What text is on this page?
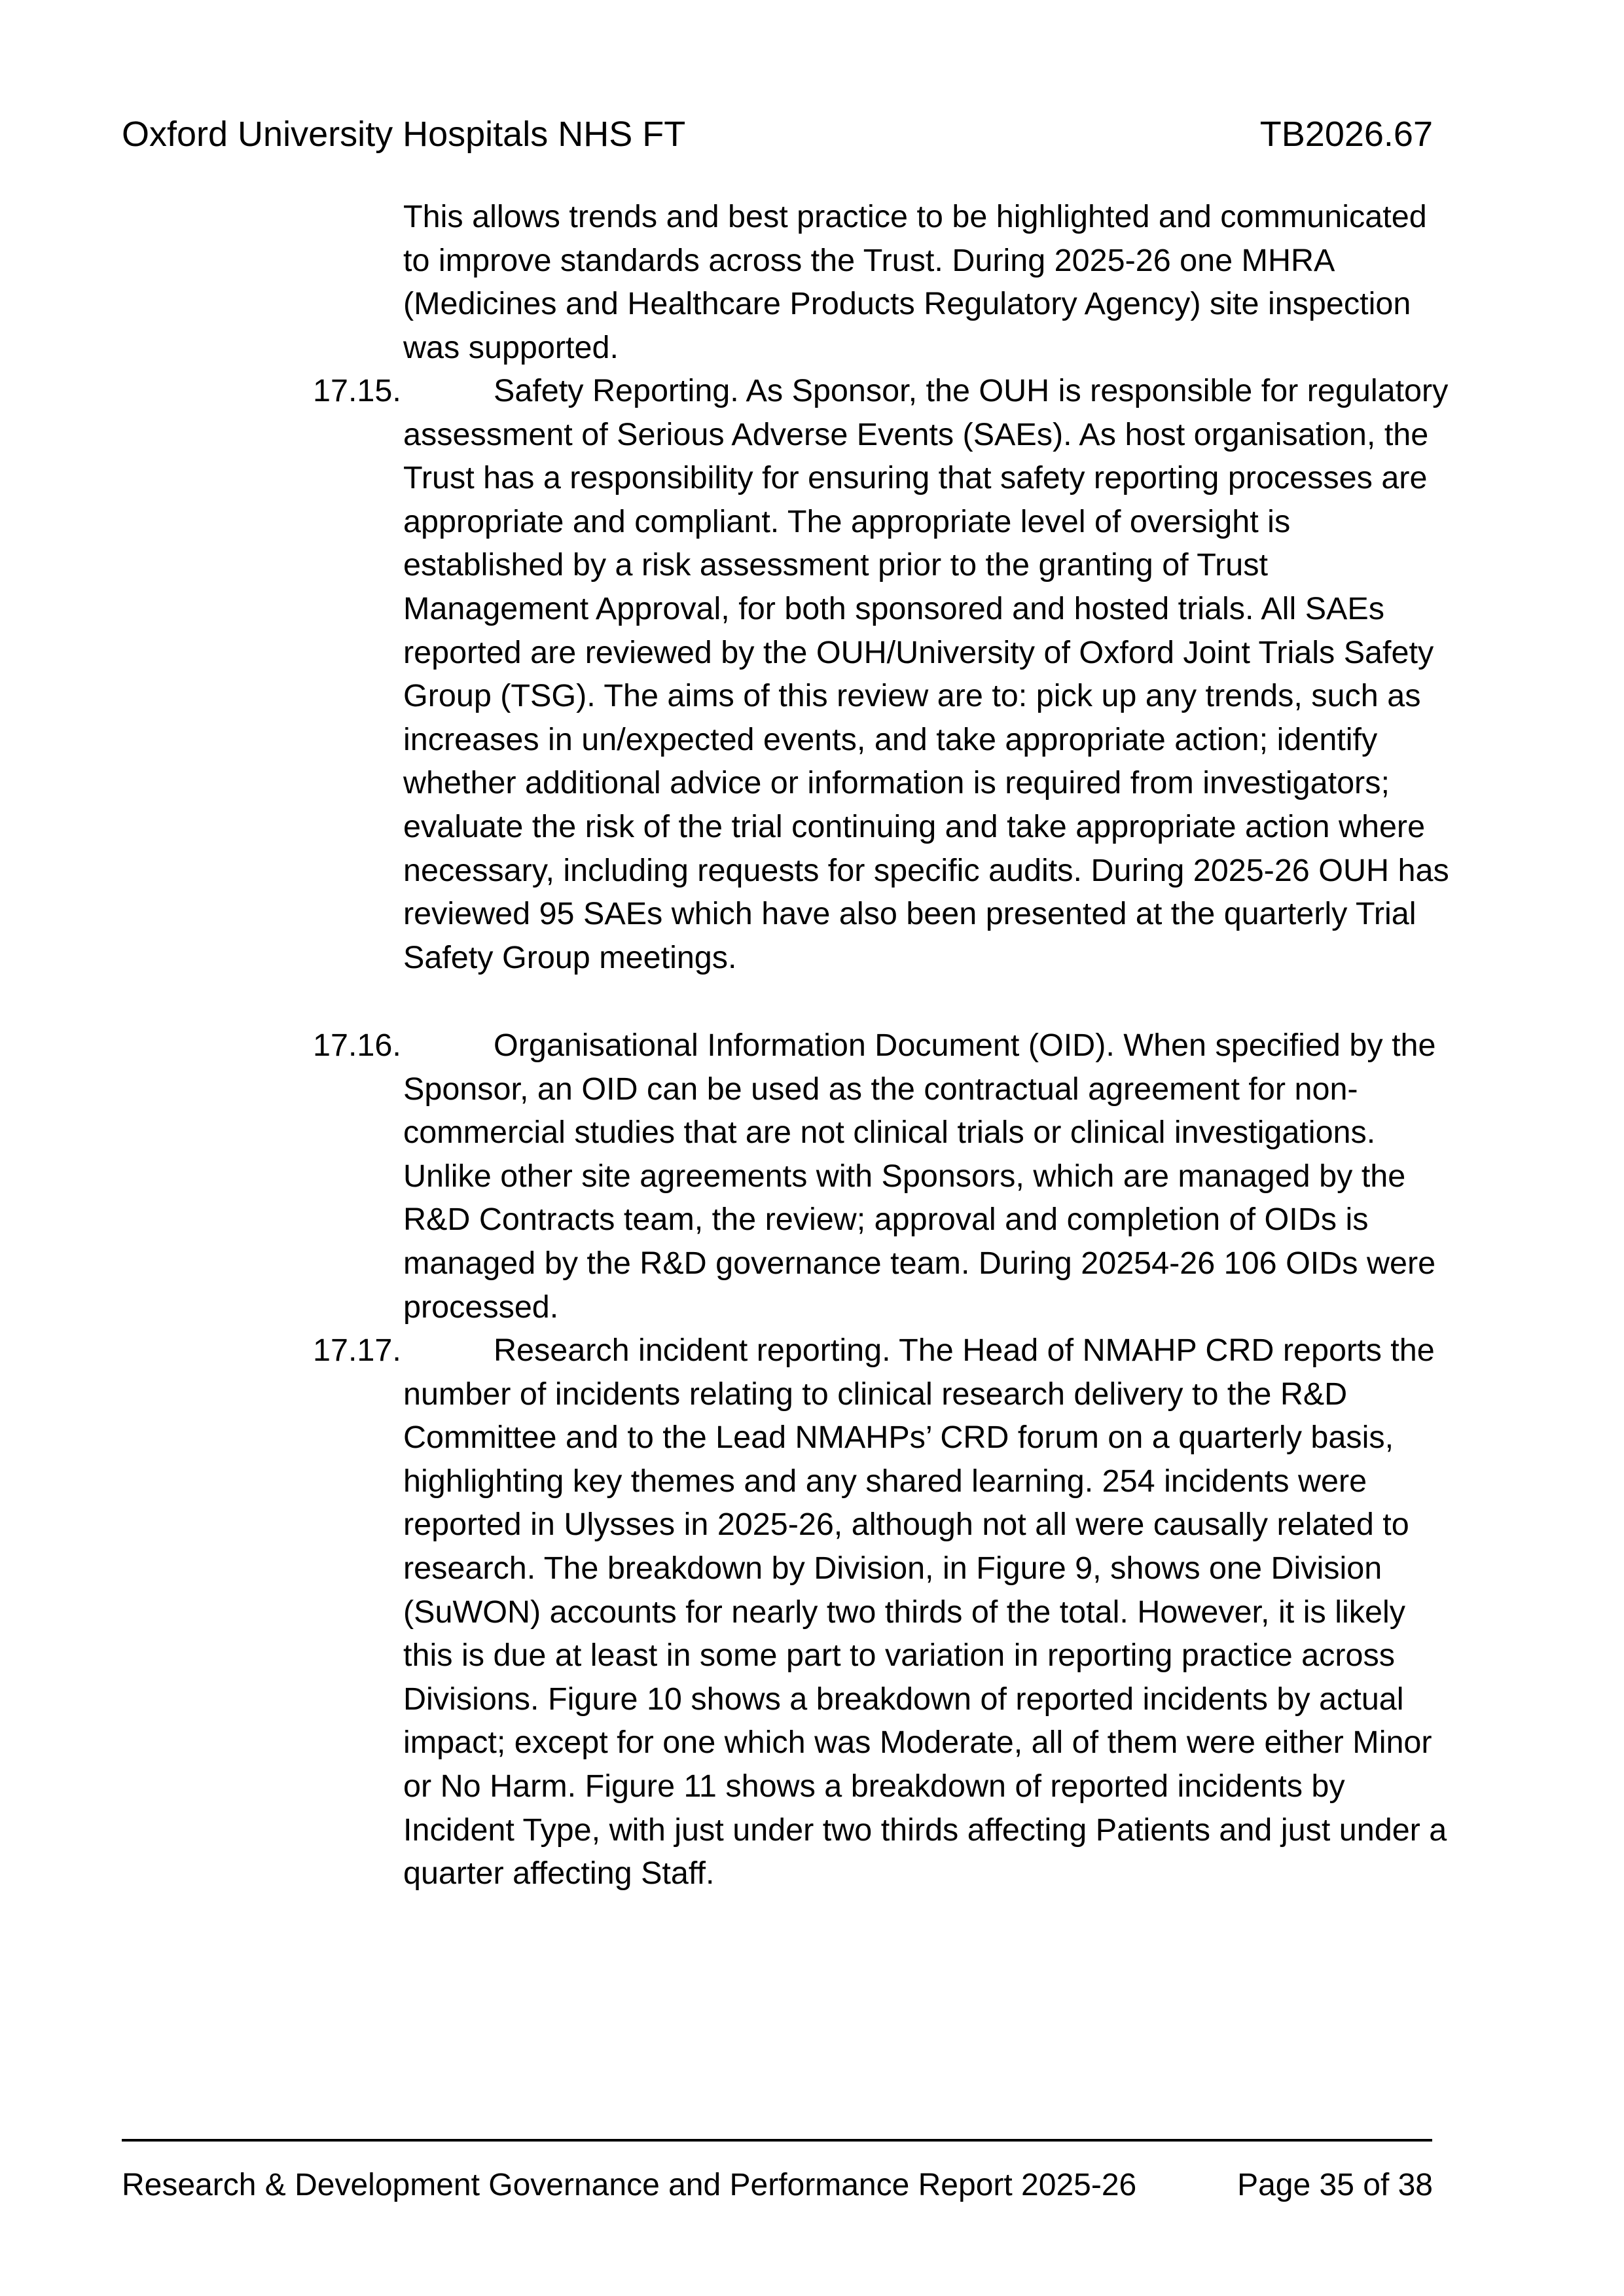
Oxford University Hospitals NHS FT	TB2026.67
This allows trends and best practice to be highlighted and communicated to improve standards across the Trust. During 2025-26 one MHRA (Medicines and Healthcare Products Regulatory Agency) site inspection was supported.
17.15.	Safety Reporting. As Sponsor, the OUH is responsible for regulatory assessment of Serious Adverse Events (SAEs). As host organisation, the Trust has a responsibility for ensuring that safety reporting processes are appropriate and compliant. The appropriate level of oversight is established by a risk assessment prior to the granting of Trust Management Approval, for both sponsored and hosted trials. All SAEs reported are reviewed by the OUH/University of Oxford Joint Trials Safety Group (TSG). The aims of this review are to: pick up any trends, such as increases in un/expected events, and take appropriate action; identify whether additional advice or information is required from investigators; evaluate the risk of the trial continuing and take appropriate action where necessary, including requests for specific audits. During 2025-26 OUH has reviewed 95 SAEs which have also been presented at the quarterly Trial Safety Group meetings.
17.16.	Organisational Information Document (OID). When specified by the Sponsor, an OID can be used as the contractual agreement for non-commercial studies that are not clinical trials or clinical investigations. Unlike other site agreements with Sponsors, which are managed by the R&D Contracts team, the review; approval and completion of OIDs is managed by the R&D governance team. During 20254-26 106 OIDs were processed.
17.17.	Research incident reporting. The Head of NMAHP CRD reports the number of incidents relating to clinical research delivery to the R&D Committee and to the Lead NMAHPs’ CRD forum on a quarterly basis, highlighting key themes and any shared learning. 254 incidents were reported in Ulysses in 2025-26, although not all were causally related to research. The breakdown by Division, in Figure 9, shows one Division (SuWON) accounts for nearly two thirds of the total. However, it is likely this is due at least in some part to variation in reporting practice across Divisions. Figure 10 shows a breakdown of reported incidents by actual impact; except for one which was Moderate, all of them were either Minor or No Harm. Figure 11 shows a breakdown of reported incidents by Incident Type, with just under two thirds affecting Patients and just under a quarter affecting Staff.
Research & Development Governance and Performance Report 2025-26	Page 35 of 38
